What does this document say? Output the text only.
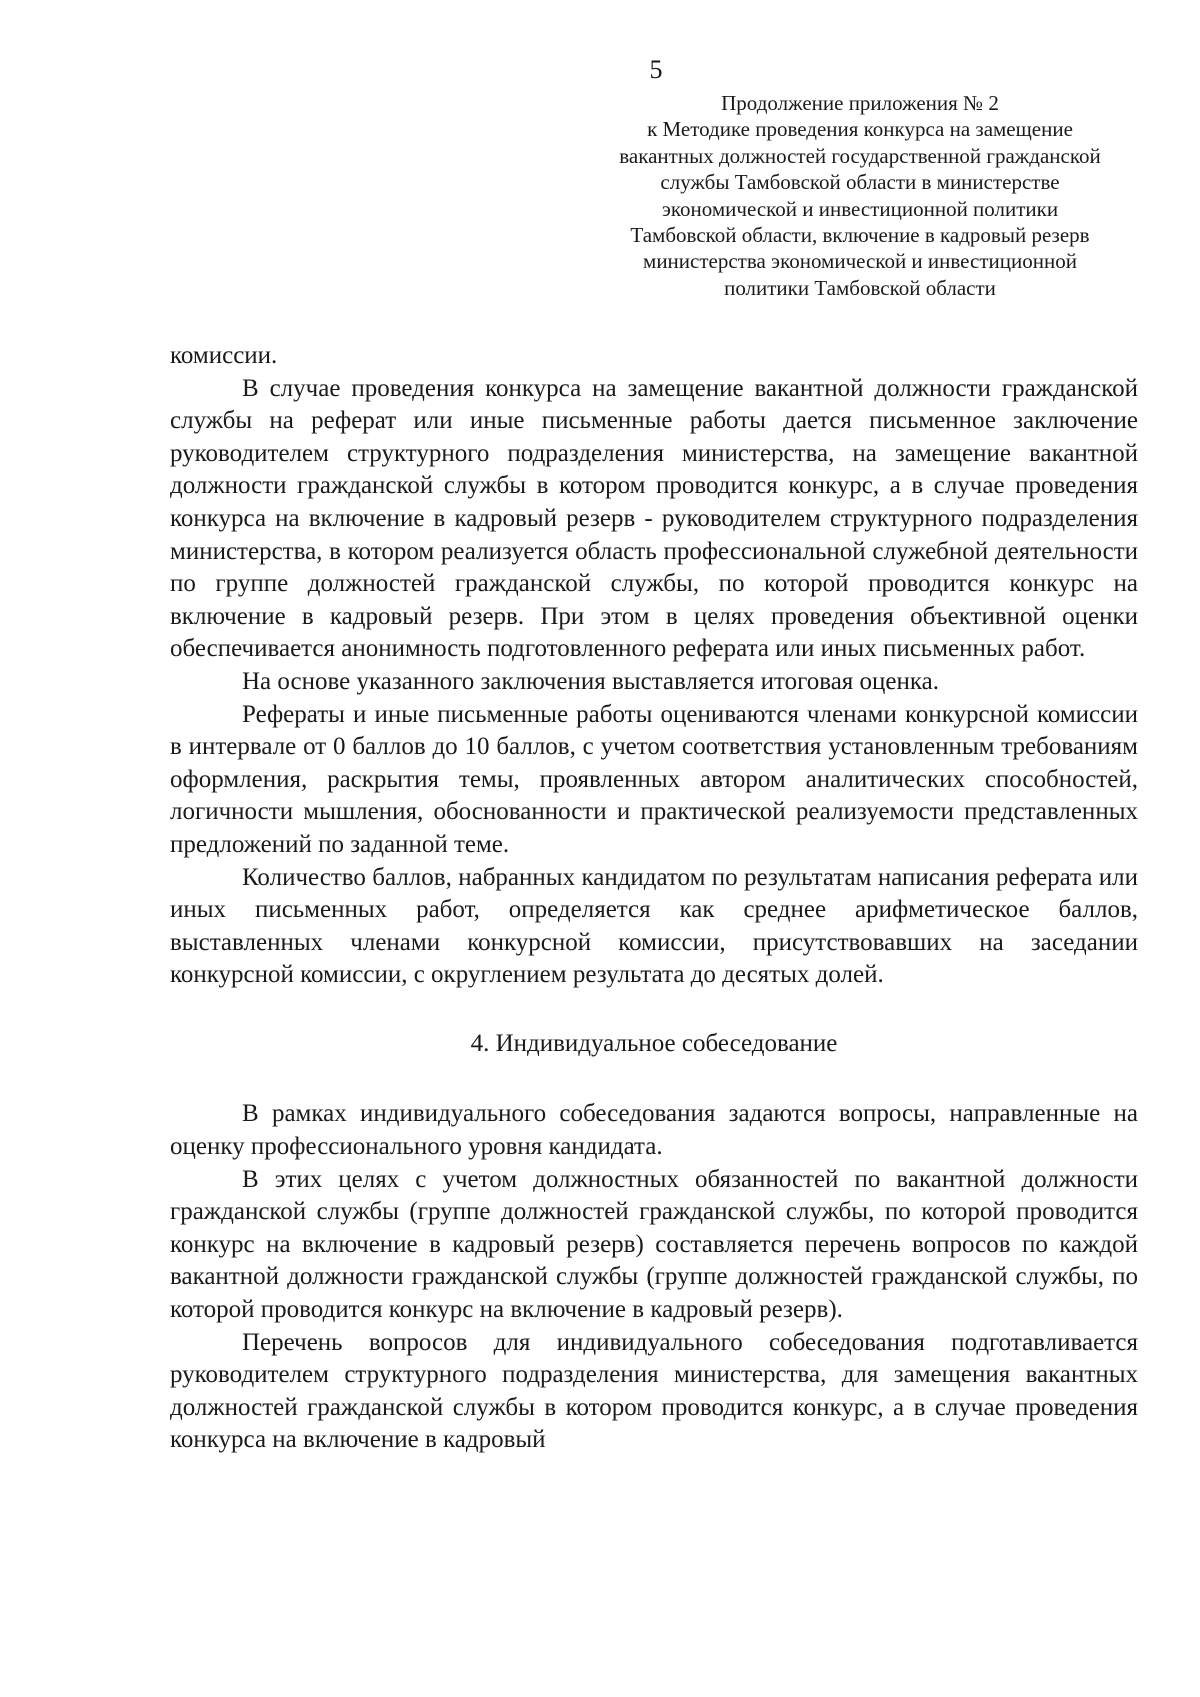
5
Продолжение приложения № 2
к Методике проведения конкурса на замещение
вакантных должностей государственной гражданской
службы Тамбовской области в министерстве
экономической и инвестиционной политики
Тамбовской области, включение в кадровый резерв
министерства экономической и инвестиционной
политики Тамбовской области

комиссии.

В случае проведения конкурса на замещение вакантной должности гражданской службы на реферат или иные письменные работы дается письменное заключение руководителем структурного подразделения министерства, на замещение вакантной должности гражданской службы в котором проводится конкурс, а в случае проведения конкурса на включение в кадровый резерв - руководителем структурного подразделения министерства, в котором реализуется область профессиональной служебной деятельности по группе должностей гражданской службы, по которой проводится конкурс на включение в кадровый резерв. При этом в целях проведения объективной оценки обеспечивается анонимность подготовленного реферата или иных письменных работ.

На основе указанного заключения выставляется итоговая оценка.

Рефераты и иные письменные работы оцениваются членами конкурсной комиссии в интервале от 0 баллов до 10 баллов, с учетом соответствия установленным требованиям оформления, раскрытия темы, проявленных автором аналитических способностей, логичности мышления, обоснованности и практической реализуемости представленных предложений по заданной теме.

Количество баллов, набранных кандидатом по результатам написания реферата или иных письменных работ, определяется как среднее арифметическое баллов, выставленных членами конкурсной комиссии, присутствовавших на заседании конкурсной комиссии, с округлением результата до десятых долей.

4. Индивидуальное собеседование

В рамках индивидуального собеседования задаются вопросы, направленные на оценку профессионального уровня кандидата.

В этих целях с учетом должностных обязанностей по вакантной должности гражданской службы (группе должностей гражданской службы, по которой проводится конкурс на включение в кадровый резерв) составляется перечень вопросов по каждой вакантной должности гражданской службы (группе должностей гражданской службы, по которой проводится конкурс на включение в кадровый резерв).

Перечень вопросов для индивидуального собеседования подготавливается руководителем структурного подразделения министерства, для замещения вакантных должностей гражданской службы в котором проводится конкурс, а в случае проведения конкурса на включение в кадровый
